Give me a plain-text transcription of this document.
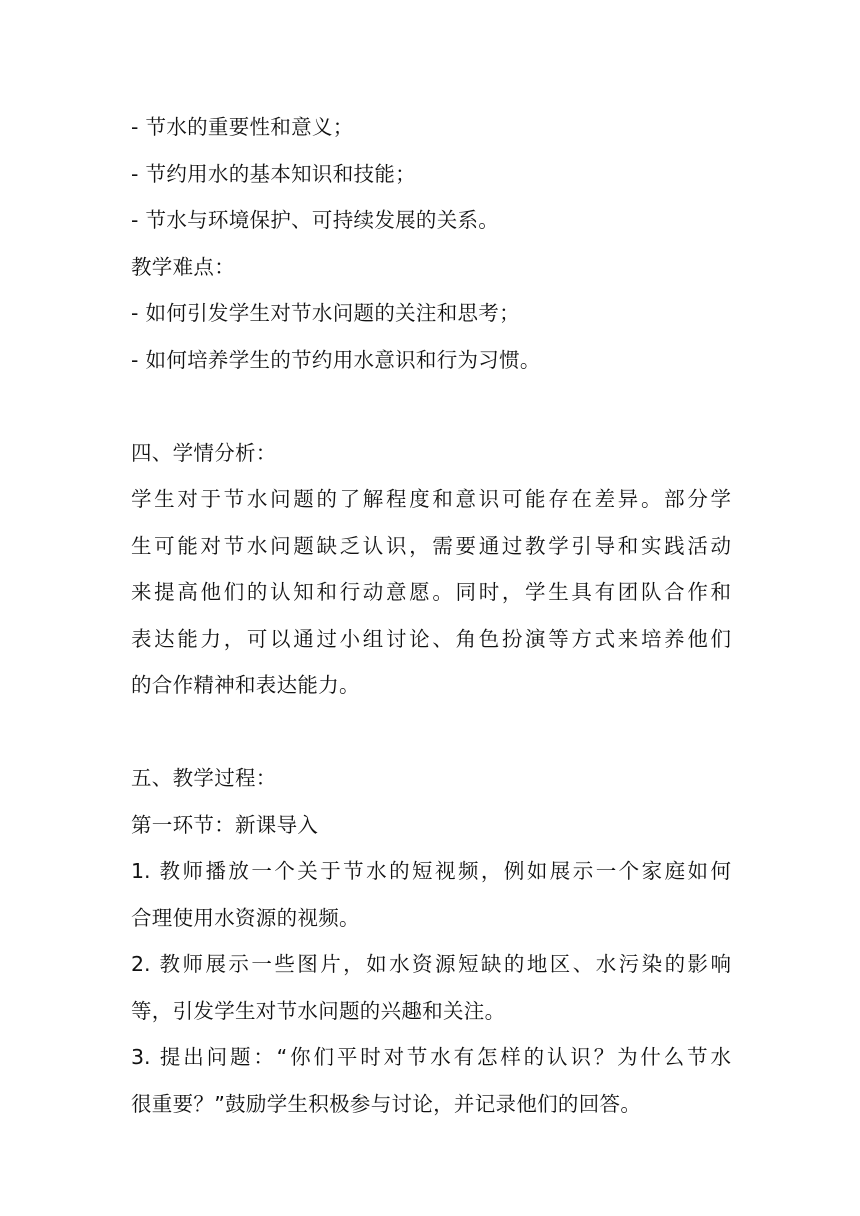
- 节水的重要性和意义；
- 节约用水的基本知识和技能；
- 节水与环境保护、可持续发展的关系。
教学难点：
- 如何引发学生对节水问题的关注和思考；
- 如何培养学生的节约用水意识和行为习惯。
四、学情分析：
学生对于节水问题的了解程度和意识可能存在差异。部分学
生可能对节水问题缺乏认识，需要通过教学引导和实践活动
来提高他们的认知和行动意愿。同时，学生具有团队合作和
表达能力，可以通过小组讨论、角色扮演等方式来培养他们
的合作精神和表达能力。
五、教学过程：
第一环节：新课导入
1. 教师播放一个关于节水的短视频，例如展示一个家庭如何
合理使用水资源的视频。
2. 教师展示一些图片，如水资源短缺的地区、水污染的影响
等，引发学生对节水问题的兴趣和关注。
3. 提出问题：“你们平时对节水有怎样的认识？为什么节水
很重要？”鼓励学生积极参与讨论，并记录他们的回答。
